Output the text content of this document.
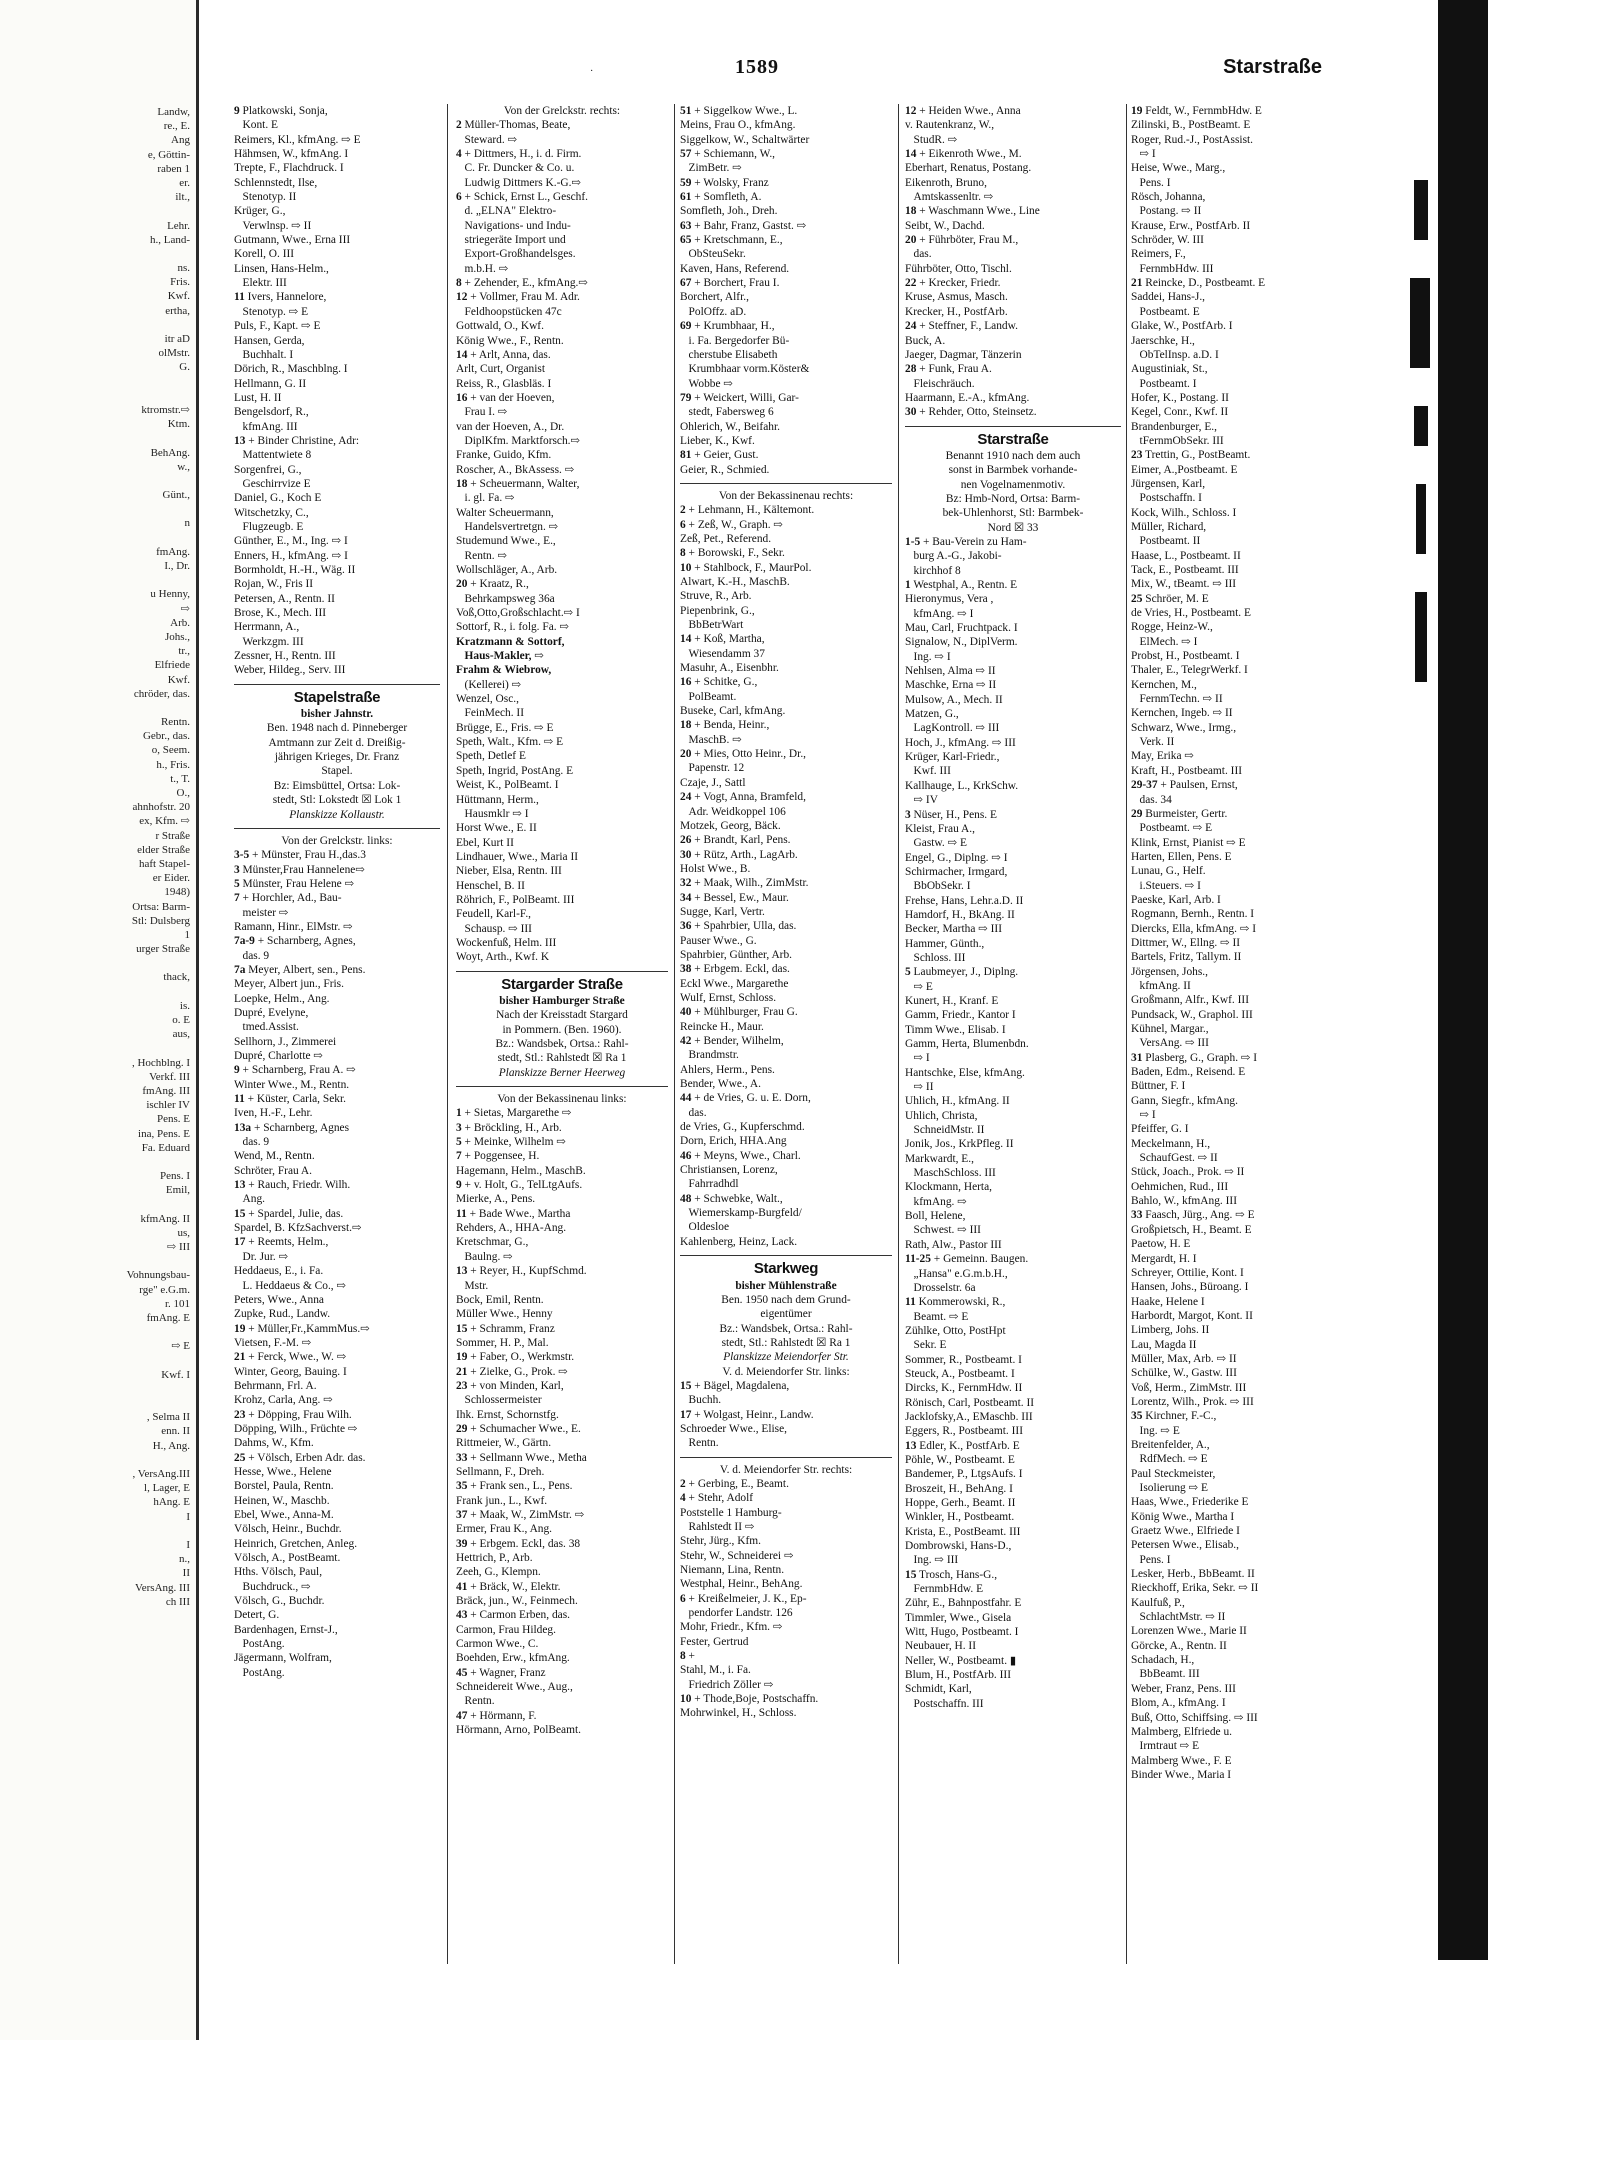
Landw,
re., E.
Ang
e, Göttin-
raben 1
er.
ilt.,
Lehr.
h., Land-
ns.
Fris.
Kwf.
ertha,
itr aD
olMstr.
G.
ktromstr.⇨
Ktm.
BehAng.
w.,
Günt.,
n
fmAng.
I., Dr.
u Henny,
⇨
Arb.
Johs.,
tr.,
Elfriede
Kwf.
chröder, das.
Rentn.
Gebr., das.
o, Seem.
h., Fris.
t., T.
O.,
ahnhofstr. 20
ex, Kfm. ⇨
r Straße
elder Straße
haft Stapel-
er Eider.
1948)
Ortsa: Barm-
Stl: Dulsberg
1
urger Straße
thack,
is.
o. E
aus,
, Hochblng. I
Verkf. III
fmAng. III
ischler IV
Pens. E
ina, Pens. E
Fa. Eduard
Pens. I
Emil,
kfmAng. II
us,
⇨ III
Vohnungsbau-
rge" e.G.m.
r. 101
fmAng. E
⇨ E
Kwf. I
, Selma II
enn. II
H., Ang.
, VersAng.III
l, Lager, E
hAng. E
I
I
n.,
II
VersAng. III
ch III
·	1589	Starstraße
9 Platkowski, Sonja,
Kont. E
Reimers, Kl., kfmAng. ⇨ E
Hähmsen, W., kfmAng. I
Trepte, F., Flachdruck. I
Schlennstedt, Ilse,
Stenotyp. II
Krüger, G.,
Verwlnsp. ⇨ II
Gutmann, Wwe., Erna III
Korell, O. III
Linsen, Hans-Helm.,
Elektr. III
11 Ivers, Hannelore,
Stenotyp. ⇨ E
Puls, F., Kapt. ⇨ E
Hansen, Gerda,
Buchhalt. I
Dörich, R., Maschblng. I
Hellmann, G. II
Lust, H. II
Bengelsdorf, R.,
kfmAng. III
13 + Binder Christine, Adr:
Mattentwiete 8
Sorgenfrei, G.,
Geschirrvize E
Daniel, G., Koch E
Witschetzky, C.,
Flugzeugb. E
Günther, E., M., Ing. ⇨ I
Enners, H., kfmAng. ⇨ I
Bormholdt, H.-H., Wäg. II
Rojan, W., Fris II
Petersen, A., Rentn. II
Brose, K., Mech. III
Herrmann, A.,
Werkzgm. III
Zessner, H., Rentn. III
Weber, Hildeg., Serv. III
Stapelstraße
bisher Jahnstr.
Ben. 1948 nach d. Pinneberger
Amtmann zur Zeit d. Dreißig-
jährigen Krieges, Dr. Franz
Stapel.
Bz: Eimsbüttel, Ortsa: Lok-
stedt, Stl: Lokstedt ☒ Lok 1
Planskizze Kollaustr.
Von der Grelckstr. links:
3-5 + Münster, Frau H.,das.3
3 Münster,Frau Hannelene⇨
5 Münster, Frau Helene ⇨
7 + Horchler, Ad., Bau-
meister ⇨
Ramann, Hinr., ElMstr. ⇨
7a-9 + Scharnberg, Agnes,
das. 9
7a Meyer, Albert, sen., Pens.
Meyer, Albert jun., Fris.
Loepke, Helm., Ang.
Dupré, Evelyne,
tmed.Assist.
Sellhorn, J., Zimmerei
Dupré, Charlotte ⇨
9 + Scharnberg, Frau A. ⇨
Winter Wwe., M., Rentn.
11 + Küster, Carla, Sekr.
Iven, H.-F., Lehr.
13a + Scharnberg, Agnes
das. 9
Wend, M., Rentn.
Schröter, Frau A.
13 + Rauch, Friedr. Wilh.
Ang.
15 + Spardel, Julie, das.
Spardel, B. KfzSachverst.⇨
17 + Reemts, Helm.,
Dr. Jur. ⇨
Heddaeus, E., i. Fa.
L. Heddaeus & Co., ⇨
Peters, Wwe., Anna
Zupke, Rud., Landw.
19 + Müller,Fr.,KammMus.⇨
Vietsen, F.-M. ⇨
21 + Ferck, Wwe., W. ⇨
Winter, Georg, Bauing. I
Behrmann, Frl. A.
Krohz, Carla, Ang. ⇨
23 + Döpping, Frau Wilh.
Döpping, Wilh., Früchte ⇨
Dahms, W., Kfm.
25 + Völsch, Erben Adr. das.
Hesse, Wwe., Helene
Borstel, Paula, Rentn.
Heinen, W., Maschb.
Ebel, Wwe., Anna-M.
Völsch, Heinr., Buchdr.
Heinrich, Gretchen, Anleg.
Völsch, A., PostBeamt.
Hths. Völsch, Paul,
Buchdruck., ⇨
Völsch, G., Buchdr.
Detert, G.
Bardenhagen, Ernst-J.,
PostAng.
Jägermann, Wolfram,
PostAng.
Von der Grelckstr. rechts:
2 Müller-Thomas, Beate,
Steward. ⇨
4 + Dittmers, H., i. d. Firm.
C. Fr. Duncker & Co. u.
Ludwig Dittmers K.-G.⇨
6 + Schick, Ernst L., Geschf.
d. „ELNA" Elektro-
Navigations- und Indu-
striegeräte Import und
Export-Großhandelsges.
m.b.H. ⇨
8 + Zehender, E., kfmAng.⇨
12 + Vollmer, Frau M. Adr.
Feldhoopstücken 47c
Gottwald, O., Kwf.
König Wwe., F., Rentn.
14 + Arlt, Anna, das.
Arlt, Curt, Organist
Reiss, R., Glasbläs. I
16 + van der Hoeven,
Frau I. ⇨
van der Hoeven, A., Dr.
DiplKfm. Marktforsch.⇨
Franke, Guido, Kfm.
Roscher, A., BkAssess. ⇨
18 + Scheuermann, Walter,
i. gl. Fa. ⇨
Walter Scheuermann,
Handelsvertretgn. ⇨
Studemund Wwe., E.,
Rentn. ⇨
Wollschläger, A., Arb.
20 + Kraatz, R.,
Behrkampsweg 36a
Voß,Otto,Großschlacht.⇨ I
Sottorf, R., i. folg. Fa. ⇨
Kratzmann & Sottorf,
Haus-Makler, ⇨
Frahm & Wiebrow,
(Kellerei) ⇨
Wenzel, Osc.,
FeinMech. II
Brügge, E., Fris. ⇨ E
Speth, Walt., Kfm. ⇨ E
Speth, Detlef E
Speth, Ingrid, PostAng. E
Weist, K., PolBeamt. I
Hüttmann, Herm.,
Hausmklr ⇨ I
Horst Wwe., E. II
Ebel, Kurt II
Lindhauer, Wwe., Maria II
Nieber, Elsa, Rentn. III
Henschel, B. II
Röhrich, F., PolBeamt. III
Feudell, Karl-F.,
Schausp. ⇨ III
Wockenfuß, Helm. III
Woyt, Arth., Kwf. K
Stargarder Straße
bisher Hamburger Straße
Nach der Kreisstadt Stargard
in Pommern. (Ben. 1960).
Bz.: Wandsbek, Ortsa.: Rahl-
stedt, Stl.: Rahlstedt ☒ Ra 1
Planskizze Berner Heerweg
Von der Bekassinenau links:
1 + Sietas, Margarethe ⇨
3 + Bröckling, H., Arb.
5 + Meinke, Wilhelm ⇨
7 + Poggensee, H.
Hagemann, Helm., MaschB.
9 + v. Holt, G., TelLtgAufs.
Mierke, A., Pens.
11 + Bade Wwe., Martha
Rehders, A., HHA-Ang.
Kretschmar, G.,
Baulng. ⇨
13 + Reyer, H., KupfSchmd.
Mstr.
Bock, Emil, Rentn.
Müller Wwe., Henny
15 + Schramm, Franz
Sommer, H. P., Mal.
19 + Faber, O., Werkmstr.
21 + Zielke, G., Prok. ⇨
23 + von Minden, Karl,
Schlossermeister
Ihk. Ernst, Schornstfg.
29 + Schumacher Wwe., E.
Rittmeier, W., Gärtn.
33 + Sellmann Wwe., Metha
Sellmann, F., Dreh.
35 + Frank sen., L., Pens.
Frank jun., L., Kwf.
37 + Maak, W., ZimMstr. ⇨
Ermer, Frau K., Ang.
39 + Erbgem. Eckl, das. 38
Hettrich, P., Arb.
Zeeh, G., Klempn.
41 + Bräck, W., Elektr.
Bräck, jun., W., Feinmech.
43 + Carmon Erben, das.
Carmon, Frau Hildeg.
Carmon Wwe., C.
Boehden, Erw., kfmAng.
45 + Wagner, Franz
Schneidereit Wwe., Aug.,
Rentn.
47 + Hörmann, F.
Hörmann, Arno, PolBeamt.
51 + Siggelkow Wwe., L.
Meins, Frau O., kfmAng.
Siggelkow, W., Schaltwärter
57 + Schiemann, W.,
ZimBetr. ⇨
59 + Wolsky, Franz
61 + Somfleth, A.
Somfleth, Joh., Dreh.
63 + Bahr, Franz, Gastst. ⇨
65 + Kretschmann, E.,
ObSteuSekr.
Kaven, Hans, Referend.
67 + Borchert, Frau I.
Borchert, Alfr.,
PolOffz. aD.
69 + Krumbhaar, H.,
i. Fa. Bergedorfer Bü-
cherstube Elisabeth
Krumbhaar vorm.Köster&
Wobbe ⇨
79 + Weickert, Willi, Gar-
stedt, Fabersweg 6
Ohlerich, W., Beifahr.
Lieber, K., Kwf.
81 + Geier, Gust.
Geier, R., Schmied.
Von der Bekassinenau rechts:
2 + Lehmann, H., Kältemont.
6 + Zeß, W., Graph. ⇨
Zeß, Pet., Referend.
8 + Borowski, F., Sekr.
10 + Stahlbock, F., MaurPol.
Alwart, K.-H., MaschB.
Struve, R., Arb.
Piepenbrink, G.,
BbBetrWart
14 + Koß, Martha,
Wiesendamm 37
Masuhr, A., Eisenbhr.
16 + Schitke, G.,
PolBeamt.
Buseke, Carl, kfmAng.
18 + Benda, Heinr.,
MaschB. ⇨
20 + Mies, Otto Heinr., Dr.,
Papenstr. 12
Czaje, J., Sattl
24 + Vogt, Anna, Bramfeld,
Adr. Weidkoppel 106
Motzek, Georg, Bäck.
26 + Brandt, Karl, Pens.
30 + Rütz, Arth., LagArb.
Holst Wwe., B.
32 + Maak, Wilh., ZimMstr.
34 + Bessel, Ew., Maur.
Sugge, Karl, Vertr.
36 + Spahrbier, Ulla, das.
Pauser Wwe., G.
Spahrbier, Günther, Arb.
38 + Erbgem. Eckl, das.
Eckl Wwe., Margarethe
Wulf, Ernst, Schloss.
40 + Mühlburger, Frau G.
Reincke H., Maur.
42 + Bender, Wilhelm,
Brandmstr.
Ahlers, Herm., Pens.
Bender, Wwe., A.
44 + de Vries, G. u. E. Dorn,
das.
de Vries, G., Kupferschmd.
Dorn, Erich, HHA.Ang
46 + Meyns, Wwe., Charl.
Christiansen, Lorenz,
Fahrradhdl
48 + Schwebke, Walt.,
Wiemerskamp-Burgfeld/
Oldesloe
Kahlenberg, Heinz, Lack.
Starkweg
bisher Mühlenstraße
Ben. 1950 nach dem Grund-
eigentümer
Bz.: Wandsbek, Ortsa.: Rahl-
stedt, Stl.: Rahlstedt ☒ Ra 1
Planskizze Meiendorfer Str.
V. d. Meiendorfer Str. links:
15 + Bägel, Magdalena,
Buchh.
17 + Wolgast, Heinr., Landw.
Schroeder Wwe., Elise,
Rentn.
V. d. Meiendorfer Str. rechts:
2 + Gerbing, E., Beamt.
4 + Stehr, Adolf
Poststelle 1 Hamburg-
Rahlstedt II ⇨
Stehr, Jürg., Kfm.
Stehr, W., Schneiderei ⇨
Niemann, Lina, Rentn.
Westphal, Heinr., BehAng.
6 + Kreißelmeier, J. K., Ep-
pendorfer Landstr. 126
Mohr, Friedr., Kfm. ⇨
Fester, Gertrud
8 +
Stahl, M., i. Fa.
Friedrich Zöller ⇨
10 + Thode,Boje, Postschaffn.
Mohrwinkel, H., Schloss.
12 + Heiden Wwe., Anna
v. Rautenkranz, W.,
StudR. ⇨
14 + Eikenroth Wwe., M.
Eberhart, Renatus, Postang.
Eikenroth, Bruno,
Amtskassenltr. ⇨
18 + Waschmann Wwe., Line
Seibt, W., Dachd.
20 + Führböter, Frau M.,
das.
Führböter, Otto, Tischl.
22 + Krecker, Friedr.
Kruse, Asmus, Masch.
Krecker, H., PostfArb.
24 + Steffner, F., Landw.
Buck, A.
Jaeger, Dagmar, Tänzerin
28 + Funk, Frau A.
Fleischräuch.
Haarmann, E.-A., kfmAng.
30 + Rehder, Otto, Steinsetz.
Starstraße
Benannt 1910 nach dem auch
sonst in Barmbek vorhande-
nen Vogelnamenmotiv.
Bz: Hmb-Nord, Ortsa: Barm-
bek-Uhlenhorst, Stl: Barmbek-
Nord ☒ 33
1-5 + Bau-Verein zu Ham-
burg A.-G., Jakobi-
kirchhof 8
1 Westphal, A., Rentn. E
Hieronymus, Vera ,
kfmAng. ⇨ I
Mau, Carl, Fruchtpack. I
Signalow, N., DiplVerm.
Ing. ⇨ I
Nehlsen, Alma ⇨ II
Maschke, Erna ⇨ II
Mulsow, A., Mech. II
Matzen, G.,
LagKontroll. ⇨ III
Hoch, J., kfmAng. ⇨ III
Krüger, Karl-Friedr.,
Kwf. III
Kallhauge, L., KrkSchw.
⇨ IV
3 Nüser, H., Pens. E
Kleist, Frau A.,
Gastw. ⇨ E
Engel, G., Diplng. ⇨ I
Schirmacher, Irmgard,
BbObSekr. I
Frehse, Hans, Lehr.a.D. II
Hamdorf, H., BkAng. II
Becker, Martha ⇨ III
Hammer, Günth.,
Schloss. III
5 Laubmeyer, J., Diplng.
⇨ E
Kunert, H., Kranf. E
Gamm, Friedr., Kantor I
Timm Wwe., Elisab. I
Gamm, Herta, Blumenbdn.
⇨ I
Hantschke, Else, kfmAng.
⇨ II
Uhlich, H., kfmAng. II
Uhlich, Christa,
SchneidMstr. II
Jonik, Jos., KrkPfleg. II
Markwardt, E.,
MaschSchloss. III
Klockmann, Herta,
kfmAng. ⇨
Boll, Helene,
Schwest. ⇨ III
Rath, Alw., Pastor III
11-25 + Gemeinn. Baugen.
„Hansa" e.G.m.b.H.,
Drosselstr. 6a
11 Kommerowski, R.,
Beamt. ⇨ E
Zühlke, Otto, PostHpt
Sekr. E
Sommer, R., Postbeamt. I
Steuck, A., Postbeamt. I
Dircks, K., FernmHdw. II
Rönisch, Carl, Postbeamt. II
Jacklofsky,A., EMaschb. III
Eggers, R., Postbeamt. III
13 Edler, K., PostfArb. E
Pöhle, W., Postbeamt. E
Bandemer, P., LtgsAufs. I
Broszeit, H., BehAng. I
Hoppe, Gerh., Beamt. II
Winkler, H., Postbeamt.
Krista, E., PostBeamt. III
Dombrowski, Hans-D.,
Ing. ⇨ III
15 Trosch, Hans-G.,
FernmbHdw. E
Zühr, E., Bahnpostfahr. E
Timmler, Wwe., Gisela
Witt, Hugo, Postbeamt. I
Neubauer, H. II
Neller, W., Postbeamt. ▮
Blum, H., PostfArb. III
Schmidt, Karl,
Postschaffn. III
19 Feldt, W., FernmbHdw. E
Zilinski, B., PostBeamt. E
Roger, Rud.-J., PostAssist.
⇨ I
Heise, Wwe., Marg.,
Pens. I
Rösch, Johanna,
Postang. ⇨ II
Krause, Erw., PostfArb. II
Schröder, W. III
Reimers, F.,
FernmbHdw. III
21 Reincke, D., Postbeamt. E
Saddei, Hans-J.,
Postbeamt. E
Glake, W., PostfArb. I
Jaerschke, H.,
ObTelInsp. a.D. I
Augustiniak, St.,
Postbeamt. I
Hofer, K., Postang. II
Kegel, Conr., Kwf. II
Brandenburger, E.,
tFernmObSekr. III
23 Trettin, G., PostBeamt.
Eimer, A.,Postbeamt. E
Jürgensen, Karl,
Postschaffn. I
Kock, Wilh., Schloss. I
Müller, Richard,
Postbeamt. II
Haase, L., Postbeamt. II
Tack, E., Postbeamt. III
Mix, W., tBeamt. ⇨ III
25 Schröer, M. E
de Vries, H., Postbeamt. E
Rogge, Heinz-W.,
ElMech. ⇨ I
Probst, H., Postbeamt. I
Thaler, E., TelegrWerkf. I
Kernchen, M.,
FernmTechn. ⇨ II
Kernchen, Ingeb. ⇨ II
Schwarz, Wwe., Irmg.,
Verk. II
May, Erika ⇨
Kraft, H., Postbeamt. III
29-37 + Paulsen, Ernst,
das. 34
29 Burmeister, Gertr.
Postbeamt. ⇨ E
Klink, Ernst, Pianist ⇨ E
Harten, Ellen, Pens. E
Lunau, G., Helf.
i.Steuers. ⇨ I
Paeske, Karl, Arb. I
Rogmann, Bernh., Rentn. I
Diercks, Ella, kfmAng. ⇨ I
Dittmer, W., Ellng. ⇨ II
Bartels, Fritz, Tallym. II
Jörgensen, Johs.,
kfmAng. II
Großmann, Alfr., Kwf. III
Pundsack, W., Graphol. III
Kühnel, Margar.,
VersAng. ⇨ III
31 Plasberg, G., Graph. ⇨ I
Baden, Edm., Reisend. E
Büttner, F. I
Gann, Siegfr., kfmAng.
⇨ I
Pfeiffer, G. I
Meckelmann, H.,
SchaufGest. ⇨ II
Stück, Joach., Prok. ⇨ II
Oehmichen, Rud., III
Bahlo, W., kfmAng. III
33 Faasch, Jürg., Ang. ⇨ E
Großpietsch, H., Beamt. E
Paetow, H. E
Mergardt, H. I
Schreyer, Ottilie, Kont. I
Hansen, Johs., Büroang. I
Haake, Helene I
Harbordt, Margot, Kont. II
Limberg, Johs. II
Lau, Magda II
Müller, Max, Arb. ⇨ II
Schülke, W., Gastw. III
Voß, Herm., ZimMstr. III
Lorentz, Wilh., Prok. ⇨ III
35 Kirchner, F.-C.,
Ing. ⇨ E
Breitenfelder, A.,
RdfMech. ⇨ E
Paul Steckmeister,
Isolierung ⇨ E
Haas, Wwe., Friederike E
König Wwe., Martha I
Graetz Wwe., Elfriede I
Petersen Wwe., Elisab.,
Pens. I
Lesker, Herb., BbBeamt. II
Rieckhoff, Erika, Sekr. ⇨ II
Kaulfuß, P.,
SchlachtMstr. ⇨ II
Lorenzen Wwe., Marie II
Görcke, A., Rentn. II
Schadach, H.,
BbBeamt. III
Weber, Franz, Pens. III
Blom, A., kfmAng. I
Buß, Otto, Schiffsing. ⇨ III
Malmberg, Elfriede u.
Irmtraut ⇨ E
Malmberg Wwe., F. E
Binder Wwe., Maria I
